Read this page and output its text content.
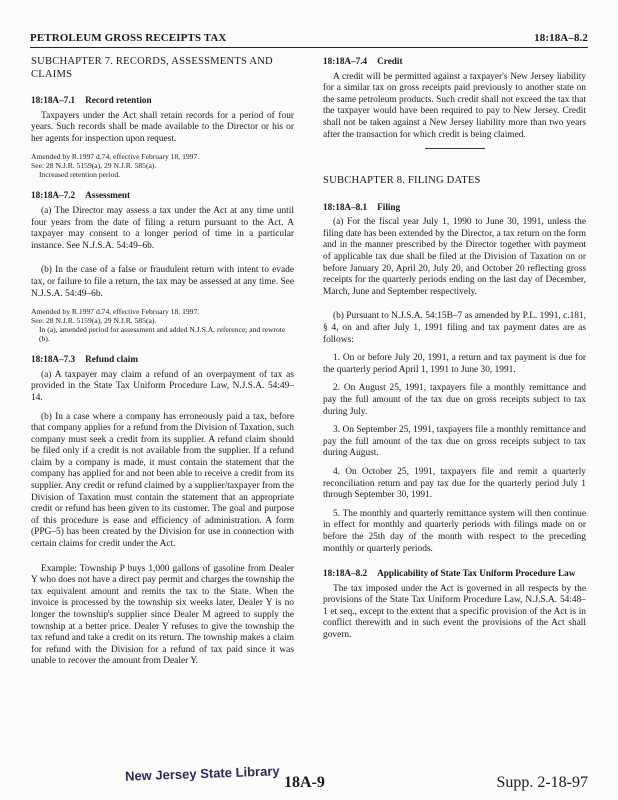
PETROLEUM GROSS RECEIPTS TAX	18:18A–8.2
SUBCHAPTER 7. RECORDS, ASSESSMENTS AND CLAIMS
18:18A–7.1 Record retention

Taxpayers under the Act shall retain records for a period of four years. Such records shall be made available to the Director or his or her agents for inspection upon request.

Amended by R.1997 d.74, effective February 18, 1997.
See: 28 N.J.R. 5159(a), 29 N.J.R. 585(a).
Increased retention period.
18:18A–7.2 Assessment

(a) The Director may assess a tax under the Act at any time until four years from the date of filing a return pursuant to the Act. A taxpayer may consent to a longer period of time in a particular instance. See N.J.S.A. 54:49–6b.

(b) In the case of a false or fraudulent return with intent to evade tax, or failure to file a return, the tax may be assessed at any time. See N.J.S.A. 54:49–6b.

Amended by R.1997 d.74, effective February 18, 1997.
See: 28 N.J.R. 5159(a), 29 N.J.R. 585(a).
In (a), amended period for assessment and added N.J.S.A. reference; and rewrote (b).
18:18A–7.3 Refund claim

(a) A taxpayer may claim a refund of an overpayment of tax as provided in the State Tax Uniform Procedure Law, N.J.S.A. 54:49–14.

(b) In a case where a company has erroneously paid a tax, before that company applies for a refund from the Division of Taxation, such company must seek a credit from its supplier. A refund claim should be filed only if a credit is not available from the supplier. If a refund claim by a company is made, it must contain the statement that the company has applied for and not been able to receive a credit from its supplier. Any credit or refund claimed by a supplier/taxpayer from the Division of Taxation must contain the statement that an appropriate credit or refund has been given to its customer. The goal and purpose of this procedure is ease and efficiency of administration. A form (PPG–5) has been created by the Division for use in connection with certain claims for credit under the Act.

Example: Township P buys 1,000 gallons of gasoline from Dealer Y who does not have a direct pay permit and charges the township the tax equivalent amount and remits the tax to the State. When the invoice is processed by the township six weeks later, Dealer Y is no longer the township's supplier since Dealer M agreed to supply the township at a better price. Dealer Y refuses to give the township the tax refund and take a credit on its return. The township makes a claim for refund with the Division for a refund of tax paid since it was unable to recover the amount from Dealer Y.

18:18A–7.4 Credit

A credit will be permitted against a taxpayer's New Jersey liability for a similar tax on gross receipts paid previously to another state on the same petroleum products. Such credit shall not exceed the tax that the taxpayer would have been required to pay to New Jersey. Credit shall not be taken against a New Jersey liability more than two years after the transaction for which credit is being claimed.

SUBCHAPTER 8. FILING DATES
18:18A–8.1 Filing

(a) For the fiscal year July 1, 1990 to June 30, 1991, unless the filing date has been extended by the Director, a tax return on the form and in the manner prescribed by the Director together with payment of applicable tax due shall be filed at the Division of Taxation on or before January 20, April 20, July 20, and October 20 reflecting gross receipts for the quarterly periods ending on the last day of December, March, June and September respectively.

(b) Pursuant to N.J.S.A. 54:15B–7 as amended by P.L. 1991, c.181, § 4, on and after July 1, 1991 filing and tax payment dates are as follows:

1. On or before July 20, 1991, a return and tax payment is due for the quarterly period April 1, 1991 to June 30, 1991.

2. On August 25, 1991, taxpayers file a monthly remittance and pay the full amount of the tax due on gross receipts subject to tax during July.

3. On September 25, 1991, taxpayers file a monthly remittance and pay the full amount of the tax due on gross receipts subject to tax during August.

4. On October 25, 1991, taxpayers file and remit a quarterly reconciliation return and pay tax due for the quarterly period July 1 through September 30, 1991.

5. The monthly and quarterly remittance system will then continue in effect for monthly and quarterly periods with filings made on or before the 25th day of the month with respect to the preceding monthly or quarterly periods.

18:18A–8.2 Applicability of State Tax Uniform Procedure Law

The tax imposed under the Act is governed in all respects by the provisions of the State Tax Uniform Procedure Law, N.J.S.A. 54:48–1 et seq., except to the extent that a specific provision of the Act is in conflict therewith and in such event the provisions of the Act shall govern.

New Jersey State Library 18A-9	Supp. 2-18-97
